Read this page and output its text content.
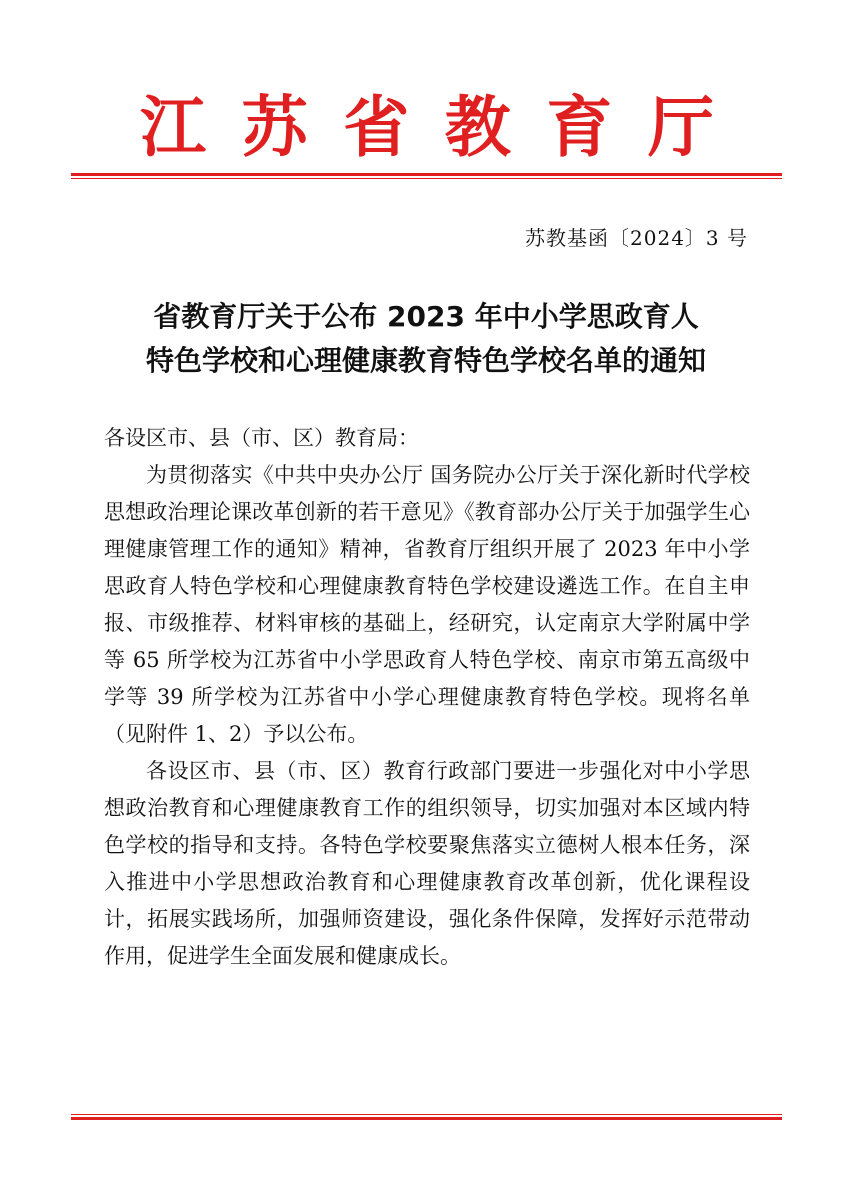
江 苏 省 教 育 厅
苏教基函〔2024〕3 号
省教育厅关于公布 2023 年中小学思政育人
特色学校和心理健康教育特色学校名单的通知

各设区市、县（市、区）教育局：

为贯彻落实《中共中央办公厅 国务院办公厅关于深化新时代学校思想政治理论课改革创新的若干意见》《教育部办公厅关于加强学生心理健康管理工作的通知》精神，省教育厅组织开展了 2023 年中小学思政育人特色学校和心理健康教育特色学校建设遴选工作。在自主申报、市级推荐、材料审核的基础上，经研究，认定南京大学附属中学等 65 所学校为江苏省中小学思政育人特色学校、南京市第五高级中学等 39 所学校为江苏省中小学心理健康教育特色学校。现将名单（见附件 1、2）予以公布。

各设区市、县（市、区）教育行政部门要进一步强化对中小学思想政治教育和心理健康教育工作的组织领导，切实加强对本区域内特色学校的指导和支持。各特色学校要聚焦落实立德树人根本任务，深入推进中小学思想政治教育和心理健康教育改革创新，优化课程设计，拓展实践场所，加强师资建设，强化条件保障，发挥好示范带动作用，促进学生全面发展和健康成长。
